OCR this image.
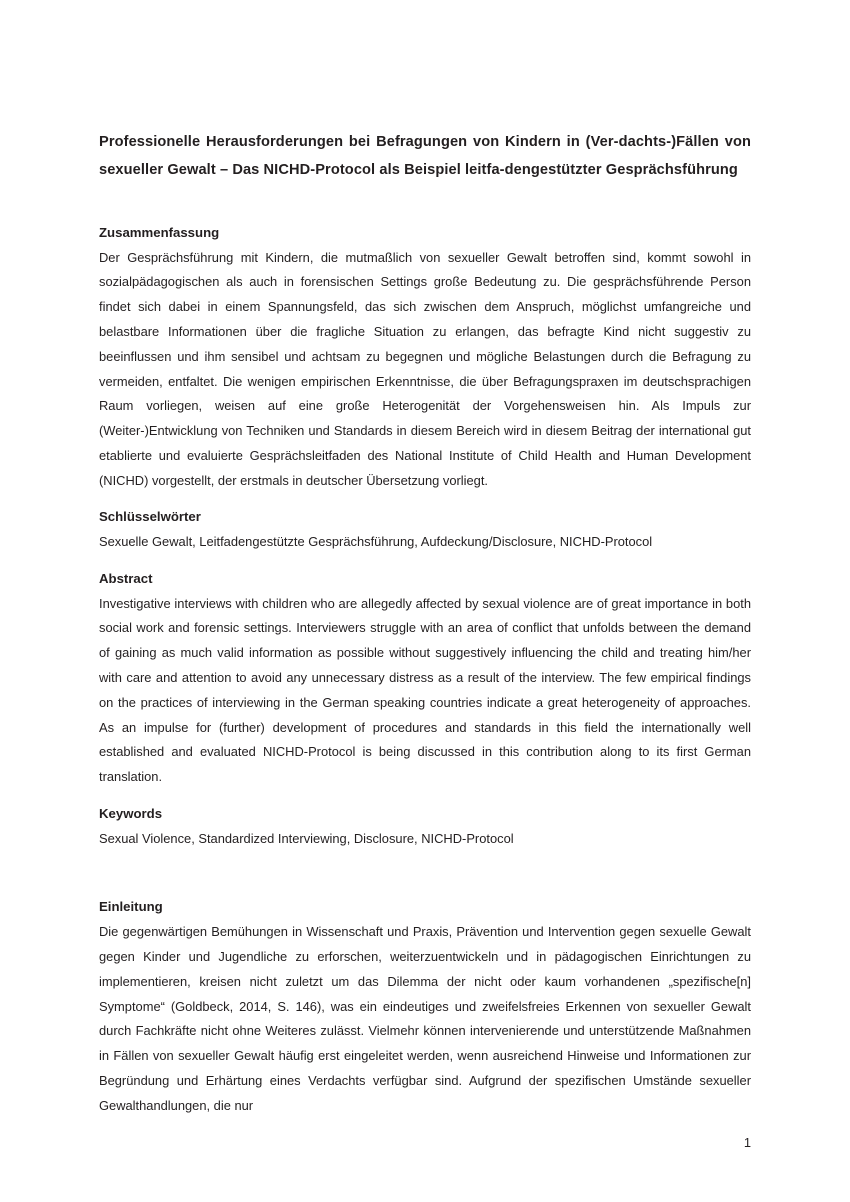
Professionelle Herausforderungen bei Befragungen von Kindern in (Ver-dachts-)Fällen von sexueller Gewalt – Das NICHD-Protocol als Beispiel leitfa-dengestützter Gesprächsführung
Zusammenfassung

Der Gesprächsführung mit Kindern, die mutmaßlich von sexueller Gewalt betroffen sind, kommt sowohl in sozialpädagogischen als auch in forensischen Settings große Bedeutung zu. Die gesprächsführende Person findet sich dabei in einem Spannungsfeld, das sich zwischen dem Anspruch, möglichst umfangreiche und belastbare Informationen über die fragliche Situation zu erlangen, das befragte Kind nicht suggestiv zu beeinflussen und ihm sensibel und achtsam zu begegnen und mögliche Belastungen durch die Befragung zu vermeiden, entfaltet. Die wenigen empirischen Erkenntnisse, die über Befragungspraxen im deutschsprachigen Raum vorliegen, weisen auf eine große Heterogenität der Vorgehensweisen hin. Als Impuls zur (Weiter-)Entwicklung von Techniken und Standards in diesem Bereich wird in diesem Beitrag der international gut etablierte und evaluierte Gesprächsleitfaden des National Institute of Child Health and Human Development (NICHD) vorgestellt, der erstmals in deutscher Übersetzung vorliegt.

Schlüsselwörter

Sexuelle Gewalt, Leitfadengestützte Gesprächsführung, Aufdeckung/Disclosure, NICHD-Protocol

Abstract

Investigative interviews with children who are allegedly affected by sexual violence are of great importance in both social work and forensic settings. Interviewers struggle with an area of conflict that unfolds between the demand of gaining as much valid information as possible without suggestively influencing the child and treating him/her with care and attention to avoid any unnecessary distress as a result of the interview. The few empirical findings on the practices of interviewing in the German speaking countries indicate a great heterogeneity of approaches. As an impulse for (further) development of procedures and standards in this field the internationally well established and evaluated NICHD-Protocol is being discussed in this contribution along to its first German translation.

Keywords

Sexual Violence, Standardized Interviewing, Disclosure, NICHD-Protocol

Einleitung

Die gegenwärtigen Bemühungen in Wissenschaft und Praxis, Prävention und Intervention gegen sexuelle Gewalt gegen Kinder und Jugendliche zu erforschen, weiterzuentwickeln und in pädagogischen Einrichtungen zu implementieren, kreisen nicht zuletzt um das Dilemma der nicht oder kaum vorhandenen „spezifische[n] Symptome“ (Goldbeck, 2014, S. 146), was ein eindeutiges und zweifelsfreies Erkennen von sexueller Gewalt durch Fachkräfte nicht ohne Weiteres zulässt. Vielmehr können intervenierende und unterstützende Maßnahmen in Fällen von sexueller Gewalt häufig erst eingeleitet werden, wenn ausreichend Hinweise und Informationen zur Begründung und Erhärtung eines Verdachts verfügbar sind. Aufgrund der spezifischen Umstände sexueller Gewalthandlungen, die nur

1
